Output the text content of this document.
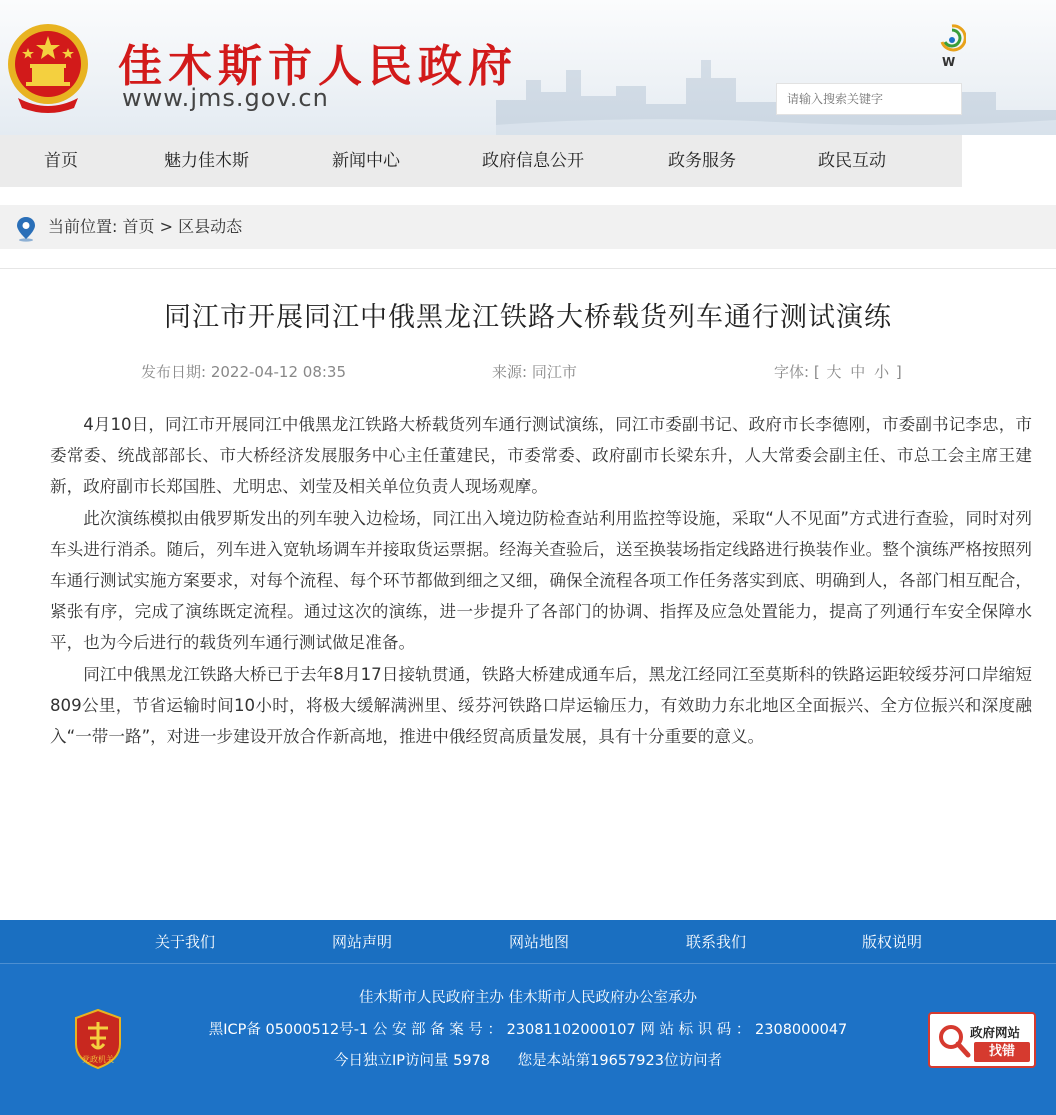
佳木斯市人民政府
www.jms.gov.cn
W
请输入搜索关键字
首页	魅力佳木斯	新闻中心	政府信息公开	政务服务	政民互动
当前位置: 首页 > 区县动态
同江市开展同江中俄黑龙江铁路大桥载货列车通行测试演练
发布日期: 2022-04-12 08:35	来源: 同江市	字体: [ 大 中 小 ]

4月10日，同江市开展同江中俄黑龙江铁路大桥载货列车通行测试演练，同江市委副书记、政府市长李德刚，市委副书记李忠，市委常委、统战部部长、市大桥经济发展服务中心主任董建民，市委常委、政府副市长梁东升，人大常委会副主任、市总工会主席王建新，政府副市长郑国胜、尤明忠、刘莹及相关单位负责人现场观摩。

此次演练模拟由俄罗斯发出的列车驶入边检场，同江出入境边防检查站利用监控等设施，采取“人不见面”方式进行查验，同时对列车头进行消杀。随后，列车进入宽轨场调车并接取货运票据。经海关查验后，送至换装场指定线路进行换装作业。整个演练严格按照列车通行测试实施方案要求，对每个流程、每个环节都做到细之又细，确保全流程各项工作任务落实到底、明确到人，各部门相互配合，紧张有序，完成了演练既定流程。通过这次的演练，进一步提升了各部门的协调、指挥及应急处置能力，提高了列通行车安全保障水平，也为今后进行的载货列车通行测试做足准备。

同江中俄黑龙江铁路大桥已于去年8月17日接轨贯通，铁路大桥建成通车后，黑龙江经同江至莫斯科的铁路运距较绥芬河口岸缩短809公里，节省运输时间10小时，将极大缓解满洲里、绥芬河铁路口岸运输压力，有效助力东北地区全面振兴、全方位振兴和深度融入“一带一路”，对进一步建设开放合作新高地，推进中俄经贸高质量发展，具有十分重要的意义。

关于我们	网站声明	网站地图	联系我们	版权说明
党政机关
佳木斯市人民政府主办 佳木斯市人民政府办公室承办
黑ICP备 05000512号-1 公 安 部 备 案 号 ： 23081102000107 网 站 标 识 码 ： 2308000047
今日独立IP访问量 5978      您是本站第19657923位访问者
政府网站
找错
